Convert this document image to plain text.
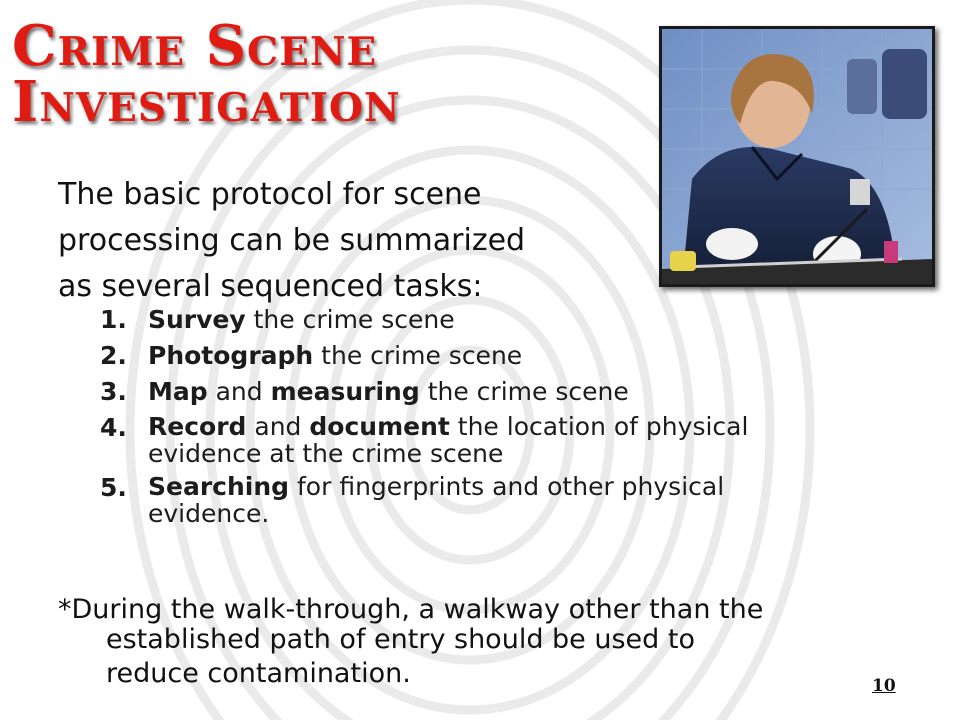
Crime Scene
Investigation
The basic protocol for scene
processing can be summarized
as several sequenced tasks:
1. Survey the crime scene
2. Photograph the crime scene
3. Map and measuring the crime scene
4. Record and document the location of physical
evidence at the crime scene
5. Searching for fingerprints and other physical
evidence.
*During the walk-through, a walkway other than the
established path of entry should be used to
reduce contamination.	10
